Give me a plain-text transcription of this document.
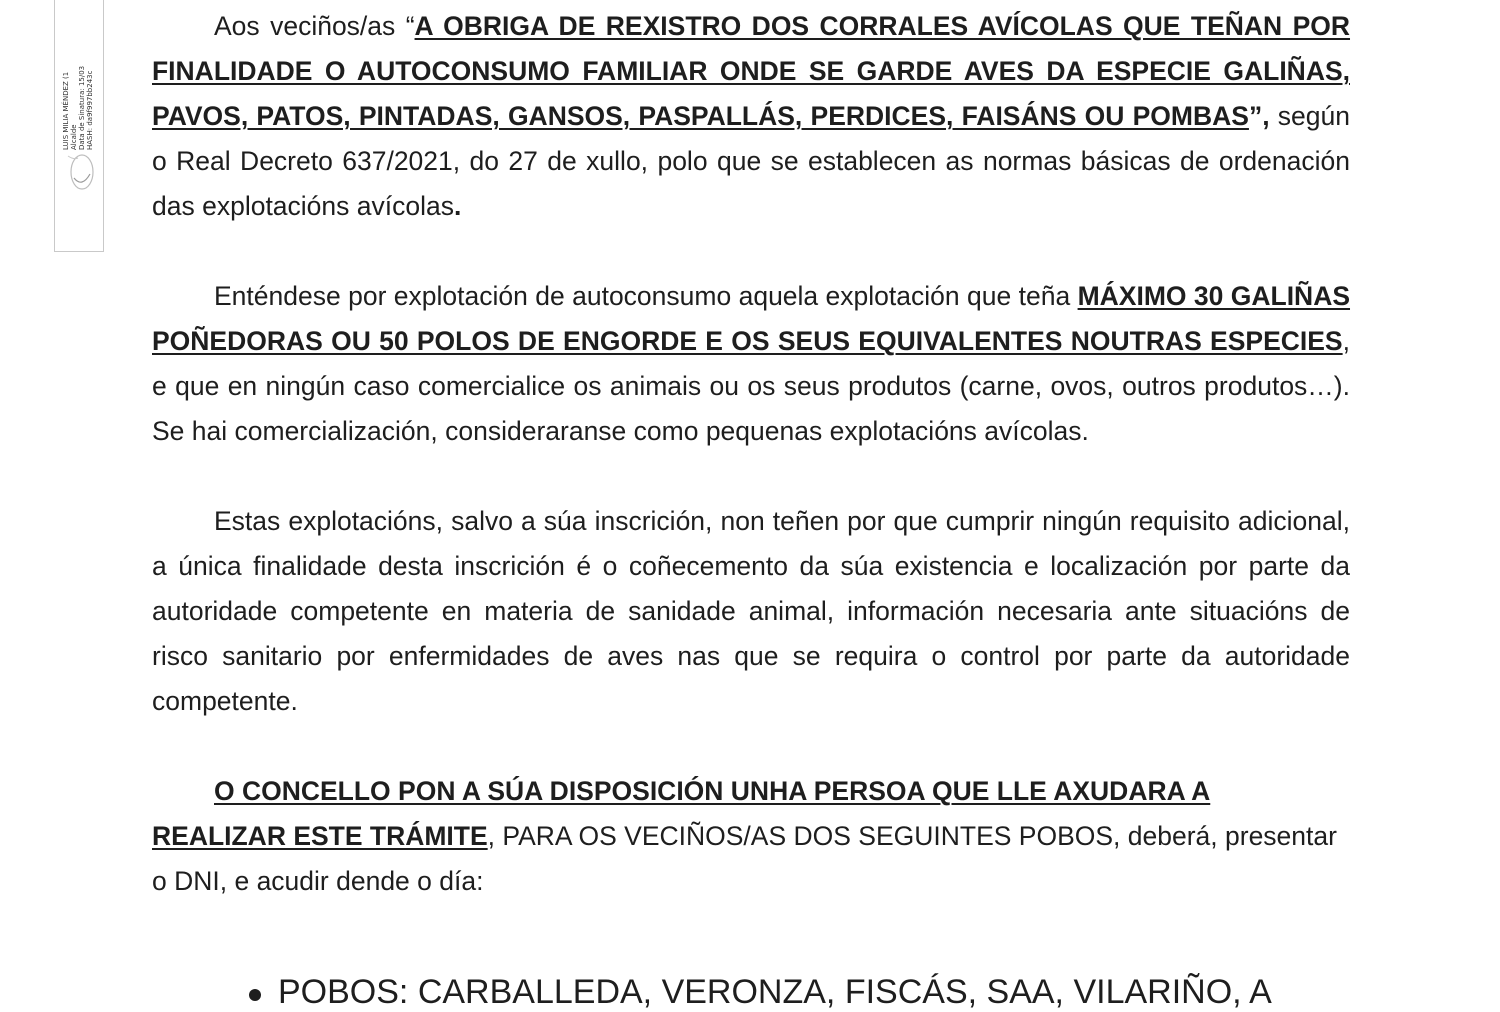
LUIS MILIA MÉNDEZ (1 Alcalde Data de Sinatura: 15/03 HASH: da9f997bb243c

Aos veciños/as “A OBRIGA DE REXISTRO DOS CORRALES AVÍCOLAS QUE TEÑAN POR FINALIDADE O AUTOCONSUMO FAMILIAR ONDE SE GARDE AVES DA ESPECIE GALIÑAS, PAVOS, PATOS, PINTADAS, GANSOS, PASPALLÁS, PERDICES, FAISÁNS OU POMBAS”, según o Real Decreto 637/2021, do 27 de xullo, polo que se establecen as normas básicas de ordenación das explotacións avícolas.

Enténdese por explotación de autoconsumo aquela explotación que teña MÁXIMO 30 GALIÑAS POÑEDORAS OU 50 POLOS DE ENGORDE E OS SEUS EQUIVALENTES NOUTRAS ESPECIES, e que en ningún caso comercialice os animais ou os seus produtos (carne, ovos, outros produtos…). Se hai comercialización, consideraranse como pequenas explotacións avícolas.

Estas explotacións, salvo a súa inscrición, non teñen por que cumprir ningún requisito adicional, a única finalidade desta inscrición é o coñecemento da súa existencia e localización por parte da autoridade competente en materia de sanidade animal, información necesaria ante situacións de risco sanitario por enfermidades de aves nas que se requira o control por parte da autoridade competente.

O CONCELLO PON A SÚA DISPOSICIÓN UNHA PERSOA QUE LLE AXUDARA A REALIZAR ESTE TRÁMITE, PARA OS VECIÑOS/AS DOS SEGUINTES POBOS, deberá, presentar o DNI, e acudir dende o día:

POBOS: CARBALLEDA, VERONZA, FISCÁS, SAA, VILARIÑO, A
